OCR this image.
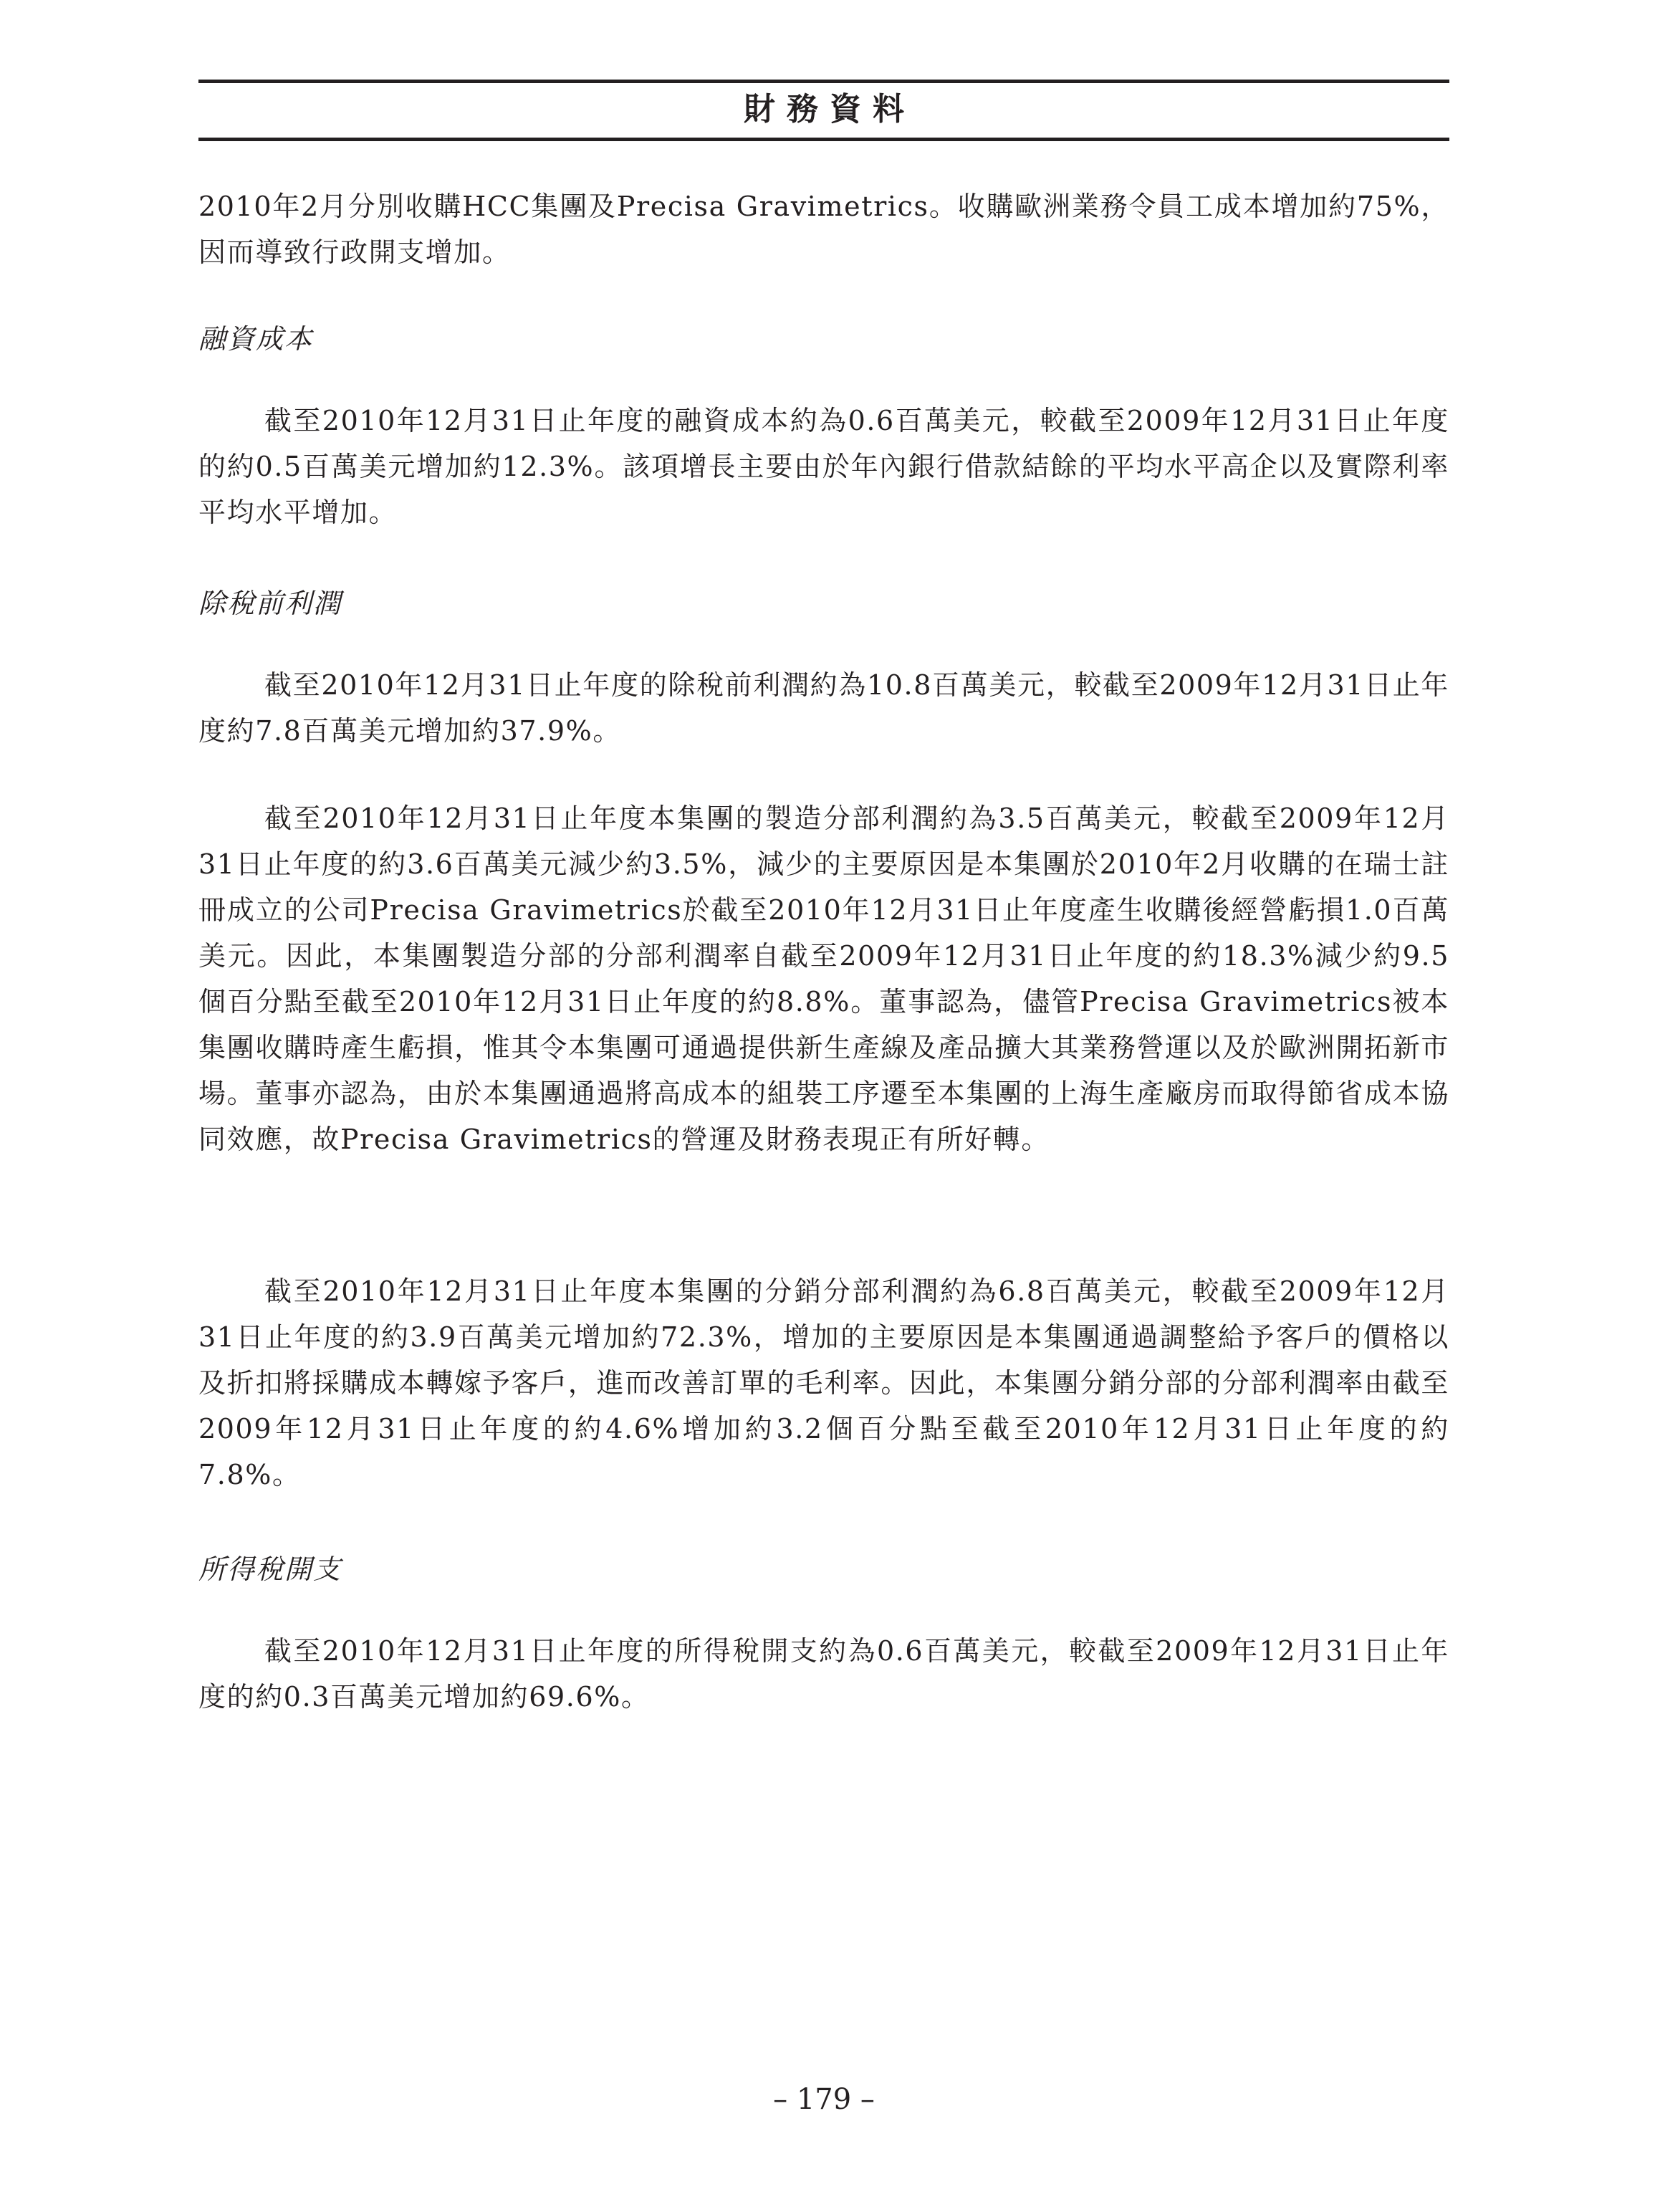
財務資料

2010年2月分別收購HCC集團及Precisa Gravimetrics。收購歐洲業務令員工成本增加約75%，因而導致行政開支增加。

融資成本

截至2010年12月31日止年度的融資成本約為0.6百萬美元，較截至2009年12月31日止年度的約0.5百萬美元增加約12.3%。該項增長主要由於年內銀行借款結餘的平均水平高企以及實際利率平均水平增加。

除稅前利潤

截至2010年12月31日止年度的除稅前利潤約為10.8百萬美元，較截至2009年12月31日止年度約7.8百萬美元增加約37.9%。

截至2010年12月31日止年度本集團的製造分部利潤約為3.5百萬美元，較截至2009年12月31日止年度的約3.6百萬美元減少約3.5%，減少的主要原因是本集團於2010年2月收購的在瑞士註冊成立的公司Precisa Gravimetrics於截至2010年12月31日止年度產生收購後經營虧損1.0百萬美元。因此，本集團製造分部的分部利潤率自截至2009年12月31日止年度的約18.3%減少約9.5個百分點至截至2010年12月31日止年度的約8.8%。董事認為，儘管Precisa Gravimetrics被本集團收購時產生虧損，惟其令本集團可通過提供新生產線及產品擴大其業務營運以及於歐洲開拓新市場。董事亦認為，由於本集團通過將高成本的組裝工序遷至本集團的上海生產廠房而取得節省成本協同效應，故Precisa Gravimetrics的營運及財務表現正有所好轉。

截至2010年12月31日止年度本集團的分銷分部利潤約為6.8百萬美元，較截至2009年12月31日止年度的約3.9百萬美元增加約72.3%，增加的主要原因是本集團通過調整給予客戶的價格以及折扣將採購成本轉嫁予客戶，進而改善訂單的毛利率。因此，本集團分銷分部的分部利潤率由截至2009年12月31日止年度的約4.6%增加約3.2個百分點至截至2010年12月31日止年度的約7.8%。

所得稅開支

截至2010年12月31日止年度的所得稅開支約為0.6百萬美元，較截至2009年12月31日止年度的約0.3百萬美元增加約69.6%。

– 179 –
